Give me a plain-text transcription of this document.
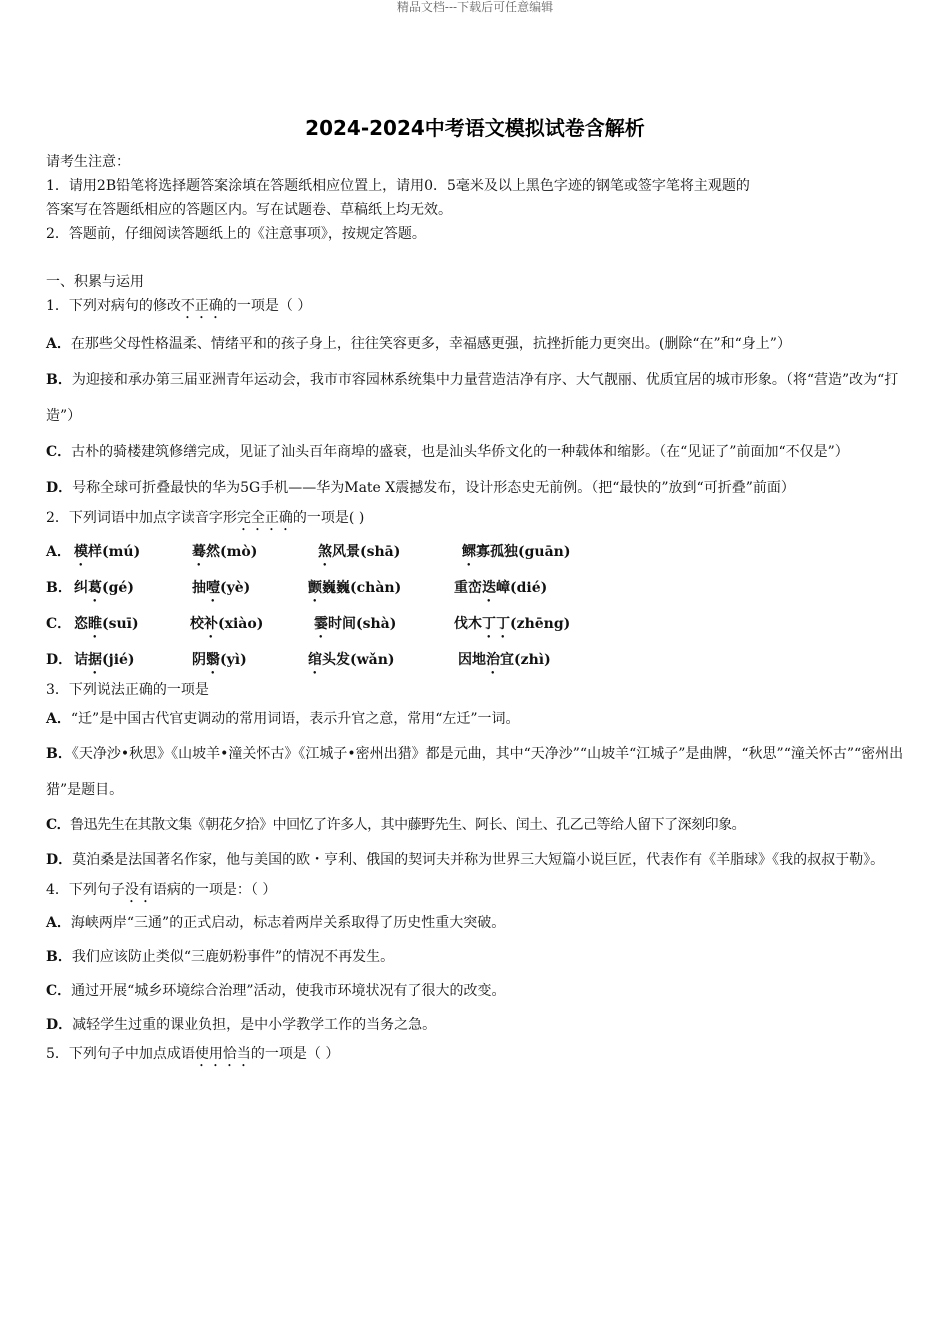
精品文档---下载后可任意编辑
2024-2024中考语文模拟试卷含解析
请考生注意：
1．请用2B铅笔将选择题答案涂填在答题纸相应位置上，请用0．5毫米及以上黑色字迹的钢笔或签字笔将主观题的
答案写在答题纸相应的答题区内。写在试题卷、草稿纸上均无效。
2．答题前，仔细阅读答题纸上的《注意事项》，按规定答题。
一、积累与运用
1．下列对病句的修改不正确的一项是（ ）
A．在那些父母性格温柔、情绪平和的孩子身上，往往笑容更多，幸福感更强，抗挫折能力更突出。(删除“在”和“身上”）
B．为迎接和承办第三届亚洲青年运动会，我市市容园林系统集中力量营造洁净有序、大气靓丽、优质宜居的城市形象。（将“营造”改为“打造”）
C．古朴的骑楼建筑修缮完成，见证了汕头百年商埠的盛衰，也是汕头华侨文化的一种载体和缩影。（在“见证了”前面加“不仅是”）
D．号称全球可折叠最快的华为5G手机——华为Mate X震撼发布，设计形态史无前例。（把“最快的”放到“可折叠”前面）
2．下列词语中加点字读音字形完全正确的一项是( )
A． 模样(mú)	蓦然(mò)	煞风景(shā)	鳏寡孤独(guān)
B． 纠葛(gé)	抽噎(yè)	颤巍巍(chàn)	重峦迭嶂(dié)
C． 恣睢(suī)	校补(xiào)	霎时间(shà)	伐木丁丁(zhēng)
D． 诘据(jié)	阴翳(yì)	绾头发(wǎn)	因地治宜(zhì)
3．下列说法正确的一项是
A．“迁”是中国古代官吏调动的常用词语，表示升官之意，常用“左迁”一词。
B．《天净沙•秋思》《山坡羊•潼关怀古》《江城子•密州出猎》都是元曲，其中“天净沙”“山坡羊“江城子”是曲牌，“秋思”“潼关怀古”“密州出猎”是题目。
C．鲁迅先生在其散文集《朝花夕拾》中回忆了许多人，其中藤野先生、阿长、闰土、孔乙己等给人留下了深刻印象。
D．莫泊桑是法国著名作家，他与美国的欧・亨利、俄国的契诃夫并称为世界三大短篇小说巨匠，代表作有《羊脂球》《我的叔叔于勒》。
4．下列句子没有语病的一项是：（ ）
A．海峡两岸“三通”的正式启动，标志着两岸关系取得了历史性重大突破。
B．我们应该防止类似“三鹿奶粉事件”的情况不再发生。
C．通过开展“城乡环境综合治理”活动，使我市环境状况有了很大的改变。
D．减轻学生过重的课业负担，是中小学教学工作的当务之急。
5．下列句子中加点成语使用恰当的一项是（ ）
